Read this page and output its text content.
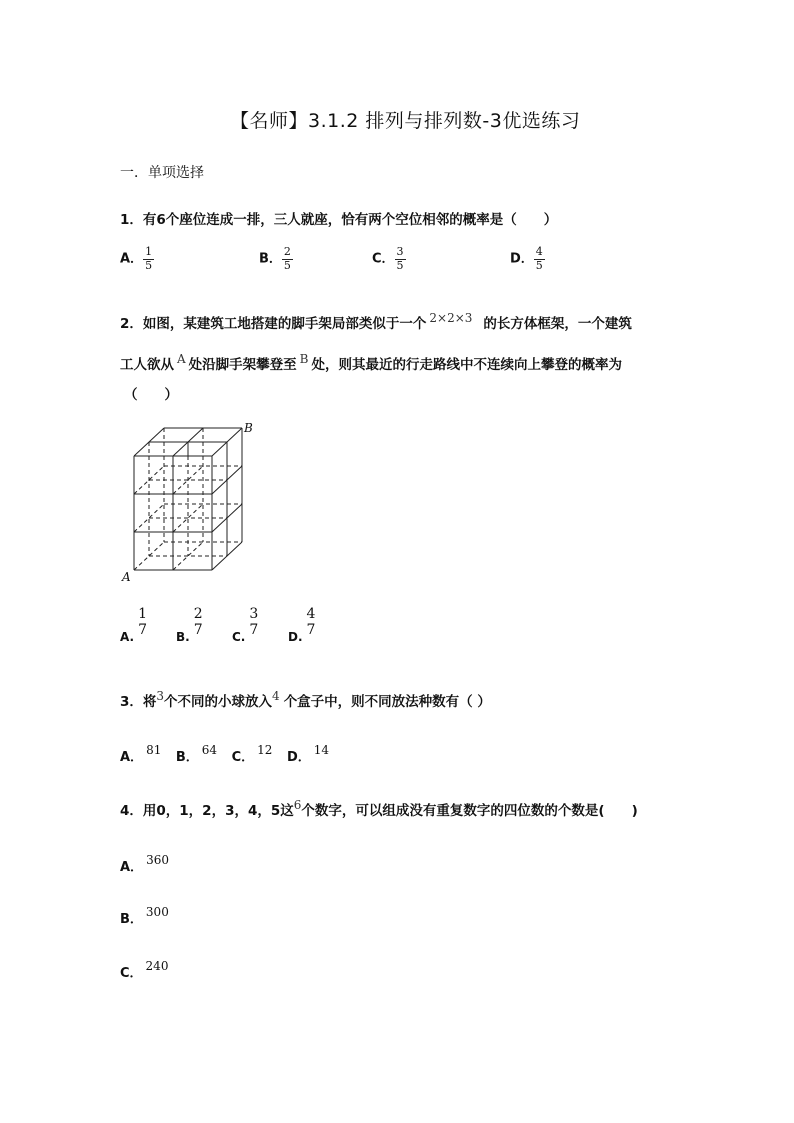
【名师】3.1.2 排列与排列数-3优选练习
一．单项选择
1．有6个座位连成一排，三人就座，恰有两个空位相邻的概率是（　　）
A． $\frac{1}{5}$	B． $\frac{2}{5}$	C． $\frac{3}{5}$	D． $\frac{4}{5}$
2．如图，某建筑工地搭建的脚手架局部类似于一个 2×2×3 的长方体框架，一个建筑
工人欲从 A 处沿脚手架攀登至 B 处，则其最近的行走路线中不连续向上攀登的概率为
（　　）
B
A
A.
1
7 B.
2
7 C.
3
7 D.
4
7
3．将3个不同的小球放入4 个盒子中，则不同放法种数有（ ）
A． 81 B． 64 C． 12 D． 14
4．用0，1，2，3，4，5这6个数字，可以组成没有重复数字的四位数的个数是(　　)
A． 360
B． 300
C． 240
